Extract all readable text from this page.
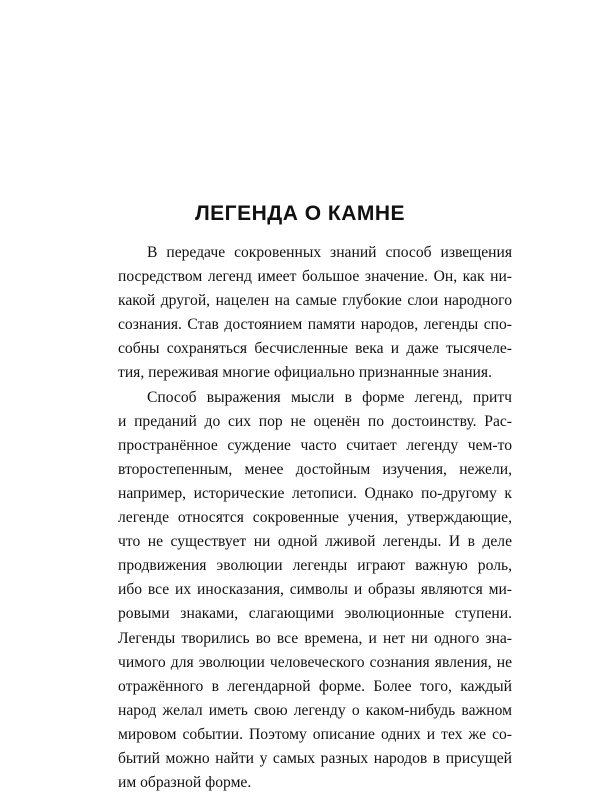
ЛЕГЕНДА О КАМНЕ
В передаче сокровенных знаний способ извещения
посредством легенд имеет большое значение. Он, как ни-
какой другой, нацелен на самые глубокие слои народного
сознания. Став достоянием памяти народов, легенды спо-
собны сохраняться бесчисленные века и даже тысячеле-
тия, переживая многие официально признанные знания.
Способ выражения мысли в форме легенд, притч
и преданий до сих пор не оценён по достоинству. Рас-
пространённое суждение часто считает легенду чем-то
второстепенным, менее достойным изучения, нежели,
например, исторические летописи. Однако по-другому к
легенде относятся сокровенные учения, утверждающие,
что не существует ни одной лживой легенды. И в деле
продвижения эволюции легенды играют важную роль,
ибо все их иносказания, символы и образы являются ми-
ровыми знаками, слагающими эволюционные ступени.
Легенды творились во все времена, и нет ни одного зна-
чимого для эволюции человеческого сознания явления, не
отражённого в легендарной форме. Более того, каждый
народ желал иметь свою легенду о каком-нибудь важном
мировом событии. Поэтому описание одних и тех же со-
бытий можно найти у самых разных народов в присущей
им образной форме.
